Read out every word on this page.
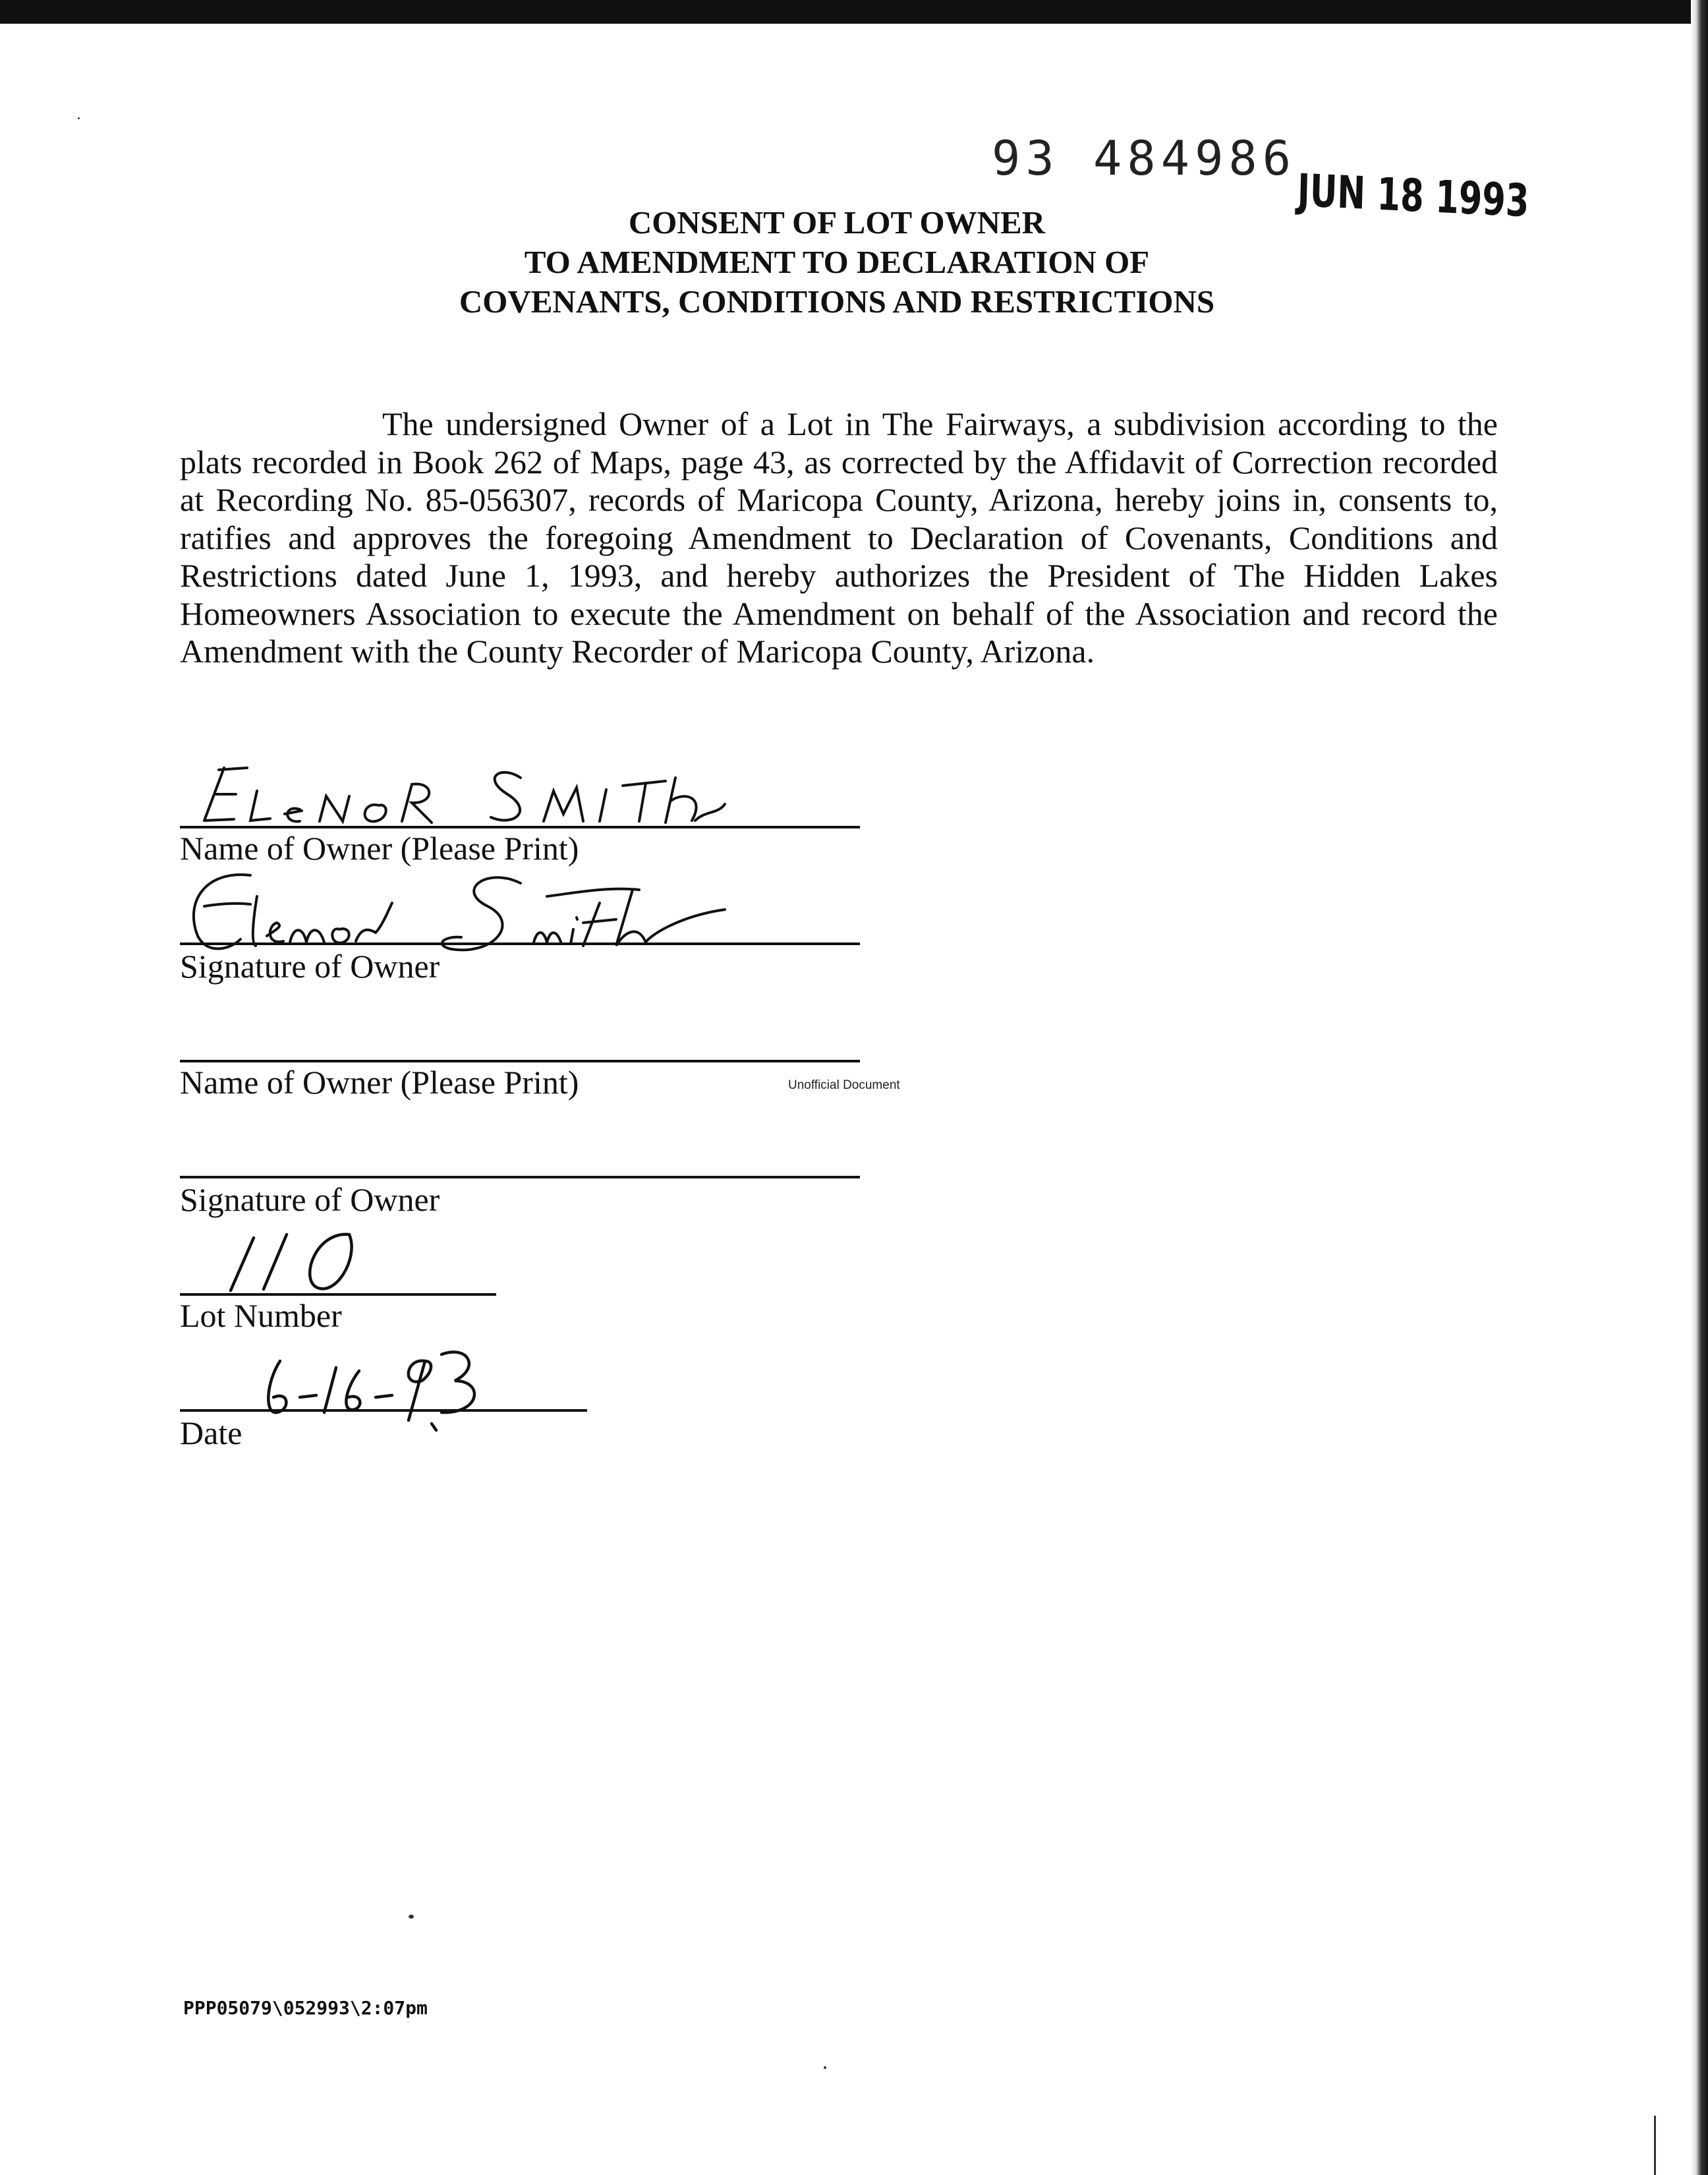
93 484986
JUN 18 1993
CONSENT OF LOT OWNER
TO AMENDMENT TO DECLARATION OF
COVENANTS, CONDITIONS AND RESTRICTIONS
The undersigned Owner of a Lot in The Fairways, a subdivision according to the plats recorded in Book 262 of Maps, page 43, as corrected by the Affidavit of Correction recorded at Recording No. 85-056307, records of Maricopa County, Arizona, hereby joins in, consents to, ratifies and approves the foregoing Amendment to Declaration of Covenants, Conditions and Restrictions dated June 1, 1993, and hereby authorizes the President of The Hidden Lakes Homeowners Association to execute the Amendment on behalf of the Association and record the Amendment with the County Recorder of Maricopa County, Arizona.
Name of Owner (Please Print)
Signature of Owner
Name of Owner (Please Print)	Unofficial Document
Signature of Owner
Lot Number
Date
PPP05079\052993\2:07pm
